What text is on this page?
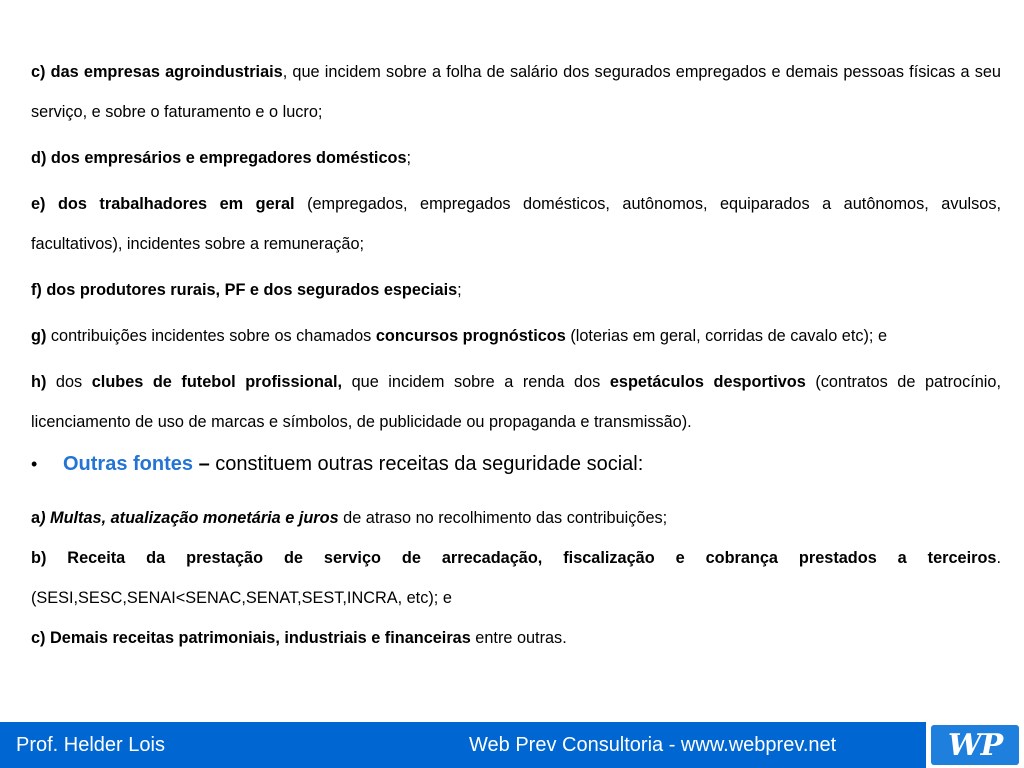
c) das empresas agroindustriais, que incidem sobre a folha de salário dos segurados empregados e demais pessoas físicas a seu serviço, e sobre o faturamento e o lucro;

d) dos empresários e empregadores domésticos;

e) dos trabalhadores em geral (empregados, empregados domésticos, autônomos, equiparados a autônomos, avulsos, facultativos), incidentes sobre a remuneração;

f) dos produtores rurais, PF e dos segurados especiais;

g) contribuições incidentes sobre os chamados concursos prognósticos (loterias em geral, corridas de cavalo etc); e

h) dos clubes de futebol profissional, que incidem sobre a renda dos espetáculos desportivos (contratos de patrocínio, licenciamento de uso de marcas e símbolos, de publicidade ou propaganda e transmissão).

•	Outras fontes – constituem outras receitas da seguridade social:

a) Multas, atualização monetária e juros de atraso no recolhimento das contribuições;

b) Receita da prestação de serviço de arrecadação, fiscalização e cobrança prestados a terceiros. (SESI,SESC,SENAI<SENAC,SENAT,SEST,INCRA, etc); e

c) Demais receitas patrimoniais, industriais e financeiras entre outras.

Prof. Helder Lois	Web Prev Consultoria - www.webprev.net	WP
